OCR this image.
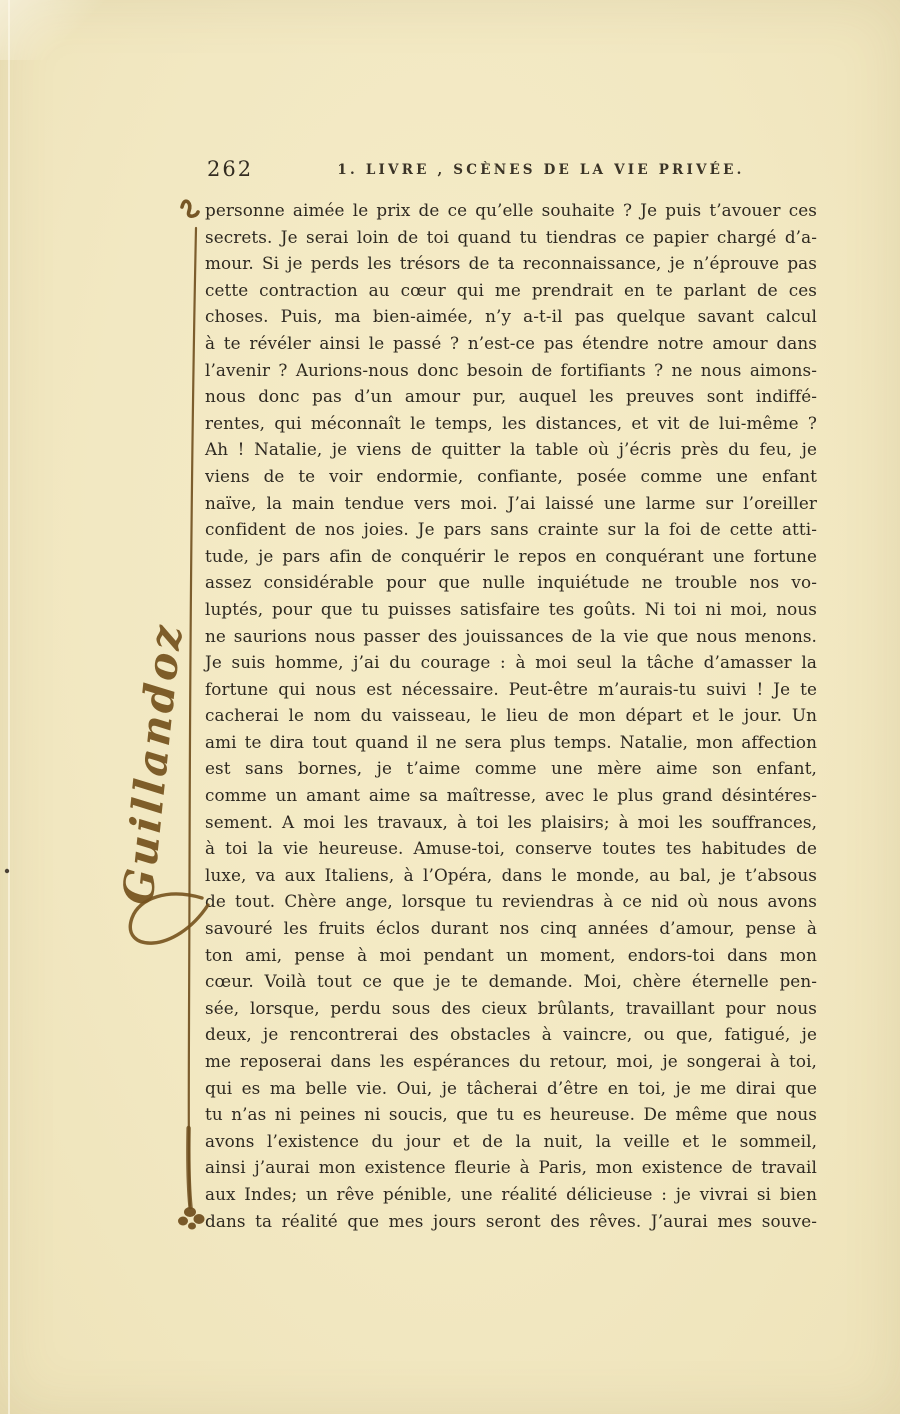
262	1. LIVRE , SCÈNES DE LA VIE PRIVÉE.
personne aimée le prix de ce qu’elle souhaite ? Je puis t’avouer ces
secrets. Je serai loin de toi quand tu tiendras ce papier chargé d’a-
mour. Si je perds les trésors de ta reconnaissance, je n’éprouve pas
cette contraction au cœur qui me prendrait en te parlant de ces
choses. Puis, ma bien-aimée, n’y a-t-il pas quelque savant calcul
à te révéler ainsi le passé ? n’est-ce pas étendre notre amour dans
l’avenir ? Aurions-nous donc besoin de fortifiants ? ne nous aimons-
nous donc pas d’un amour pur, auquel les preuves sont indiffé-
rentes, qui méconnaît le temps, les distances, et vit de lui-même ?
Ah ! Natalie, je viens de quitter la table où j’écris près du feu, je
viens de te voir endormie, confiante, posée comme une enfant
naïve, la main tendue vers moi. J’ai laissé une larme sur l’oreiller
confident de nos joies. Je pars sans crainte sur la foi de cette atti-
tude, je pars afin de conquérir le repos en conquérant une fortune
assez considérable pour que nulle inquiétude ne trouble nos vo-
luptés, pour que tu puisses satisfaire tes goûts. Ni toi ni moi, nous
ne saurions nous passer des jouissances de la vie que nous menons.
Je suis homme, j’ai du courage : à moi seul la tâche d’amasser la
fortune qui nous est nécessaire. Peut-être m’aurais-tu suivi ! Je te
cacherai le nom du vaisseau, le lieu de mon départ et le jour. Un
ami te dira tout quand il ne sera plus temps. Natalie, mon affection
est sans bornes, je t’aime comme une mère aime son enfant,
comme un amant aime sa maîtresse, avec le plus grand désintéres-
sement. A moi les travaux, à toi les plaisirs; à moi les souffrances,
à toi la vie heureuse. Amuse-toi, conserve toutes tes habitudes de
luxe, va aux Italiens, à l’Opéra, dans le monde, au bal, je t’absous
de tout. Chère ange, lorsque tu reviendras à ce nid où nous avons
savouré les fruits éclos durant nos cinq années d’amour, pense à
ton ami, pense à moi pendant un moment, endors-toi dans mon
cœur. Voilà tout ce que je te demande. Moi, chère éternelle pen-
sée, lorsque, perdu sous des cieux brûlants, travaillant pour nous
deux, je rencontrerai des obstacles à vaincre, ou que, fatigué, je
me reposerai dans les espérances du retour, moi, je songerai à toi,
qui es ma belle vie. Oui, je tâcherai d’être en toi, je me dirai que
tu n’as ni peines ni soucis, que tu es heureuse. De même que nous
avons l’existence du jour et de la nuit, la veille et le sommeil,
ainsi j’aurai mon existence fleurie à Paris, mon existence de travail
aux Indes; un rêve pénible, une réalité délicieuse : je vivrai si bien
dans ta réalité que mes jours seront des rêves. J’aurai mes souve-
Guillandoz
